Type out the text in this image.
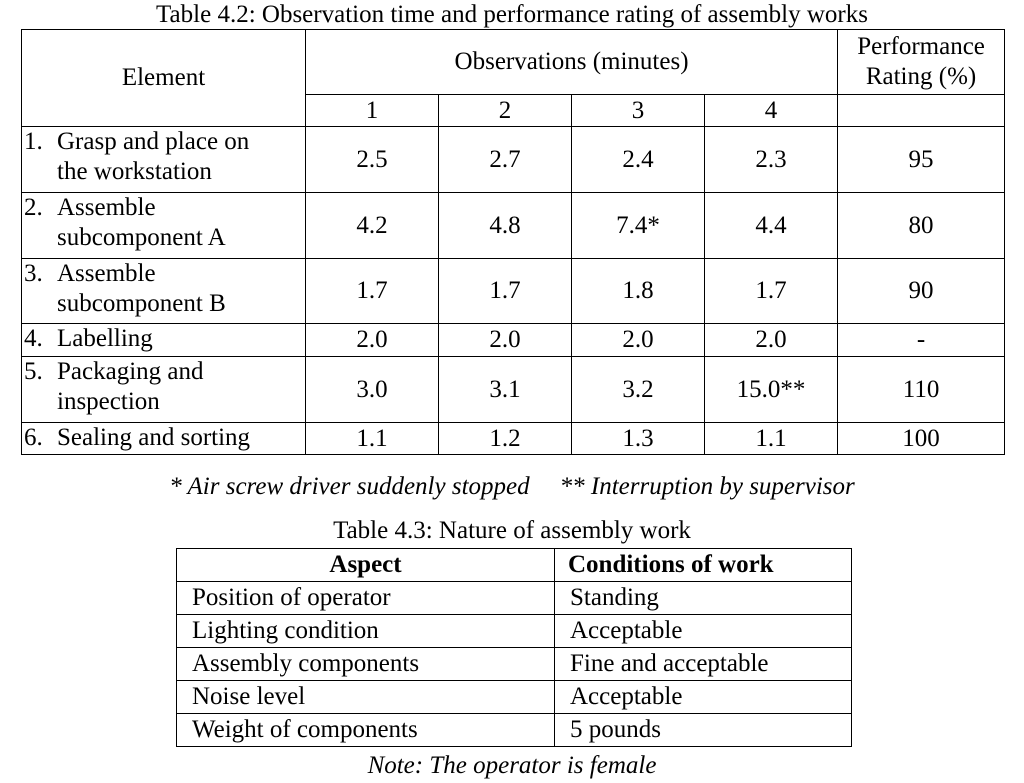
Table 4.2: Observation time and performance rating of assembly works
Element	Observations (minutes)				Performance
Rating (%)

	1	2	3	4	

1. Grasp and place on
the workstation	2.5	2.7	2.4	2.3	95

2. Assemble
subcomponent A	4.2	4.8	7.4*	4.4	80

3. Assemble
subcomponent B	1.7	1.7	1.8	1.7	90

4. Labelling	2.0	2.0	2.0	2.0	-

5. Packaging and
inspection	3.0	3.1	3.2	15.0**	110

6. Sealing and sorting	1.1	1.2	1.3	1.1	100
* Air screw driver suddenly stopped ** Interruption by supervisor
Table 4.3: Nature of assembly work
Aspect	Conditions of work
Position of operator	Standing
Lighting condition	Acceptable
Assembly components	Fine and acceptable
Noise level	Acceptable
Weight of components	5 pounds
Note: The operator is female
